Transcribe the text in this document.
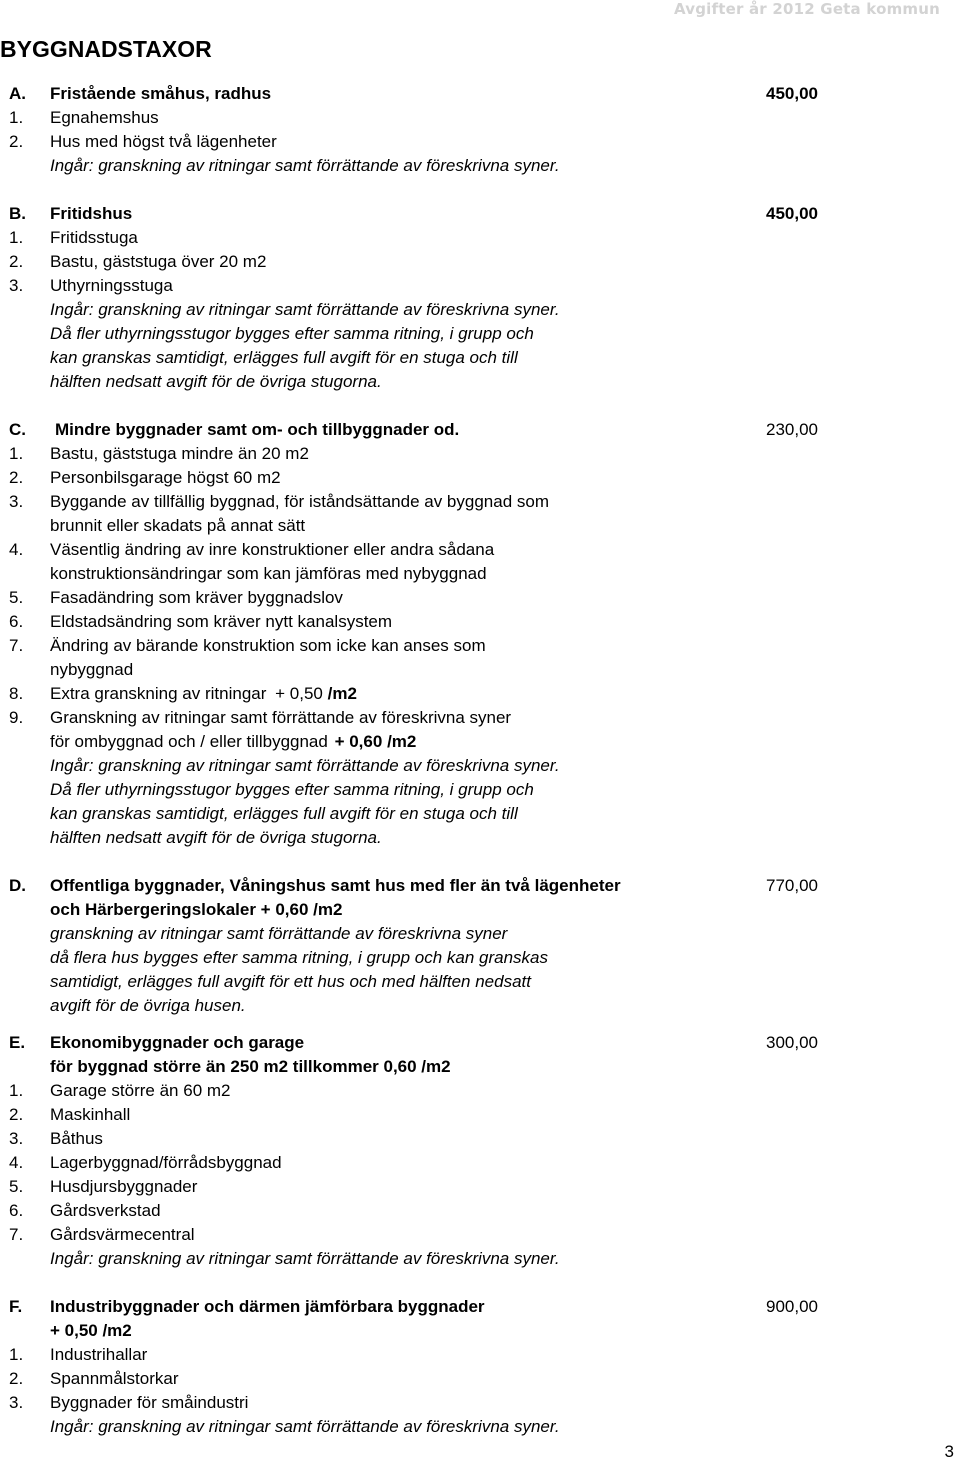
Avgifter år 2012 Geta kommun
BYGGNADSTAXOR
A. Fristående småhus, radhus	450,00
1. Egnahemshus
2. Hus med högst två lägenheter
Ingår: granskning av ritningar samt förrättande av föreskrivna syner.
B. Fritidshus	450,00
1. Fritidsstuga
2. Bastu, gäststuga över 20 m2
3. Uthyrningsstuga
Ingår: granskning av ritningar samt förrättande av föreskrivna syner.
Då fler uthyrningsstugor bygges efter samma ritning, i grupp och
kan granskas samtidigt, erlägges full avgift för en stuga och till
hälften nedsatt avgift för de övriga stugorna.
C. Mindre byggnader samt om- och tillbyggnader od.	230,00
1. Bastu, gäststuga mindre än 20 m2
2. Personbilsgarage högst 60 m2
3. Byggande av tillfällig byggnad, för iståndsättande av byggnad som
brunnit eller skadats på annat sätt
4. Väsentlig ändring av inre konstruktioner eller andra sådana
konstruktionsändringar som kan jämföras med nybyggnad
5. Fasadändring som kräver byggnadslov
6. Eldstadsändring som kräver nytt kanalsystem
7. Ändring av bärande konstruktion som icke kan anses som
nybyggnad
8. Extra granskning av ritningar + 0,50 /m2
9. Granskning av ritningar samt förrättande av föreskrivna syner
för ombyggnad och / eller tillbyggnad + 0,60 /m2
Ingår: granskning av ritningar samt förrättande av föreskrivna syner.
Då fler uthyrningsstugor bygges efter samma ritning, i grupp och
kan granskas samtidigt, erlägges full avgift för en stuga och till
hälften nedsatt avgift för de övriga stugorna.
D. Offentliga byggnader, Våningshus samt hus med fler än två lägenheter	770,00
och Härbergeringslokaler + 0,60 /m2
granskning av ritningar samt förrättande av föreskrivna syner
då flera hus bygges efter samma ritning, i grupp och kan granskas
samtidigt, erlägges full avgift för ett hus och med hälften nedsatt
avgift för de övriga husen.
E. Ekonomibyggnader och garage	300,00
för byggnad större än 250 m2 tillkommer 0,60 /m2
1. Garage större än 60 m2
2. Maskinhall
3. Båthus
4. Lagerbyggnad/förrådsbyggnad
5. Husdjursbyggnader
6. Gårdsverkstad
7. Gårdsvärmecentral
Ingår: granskning av ritningar samt förrättande av föreskrivna syner.
F. Industribyggnader och därmen jämförbara byggnader	900,00
+ 0,50 /m2
1. Industrihallar
2. Spannmålstorkar
3. Byggnader för småindustri
Ingår: granskning av ritningar samt förrättande av föreskrivna syner.
3
